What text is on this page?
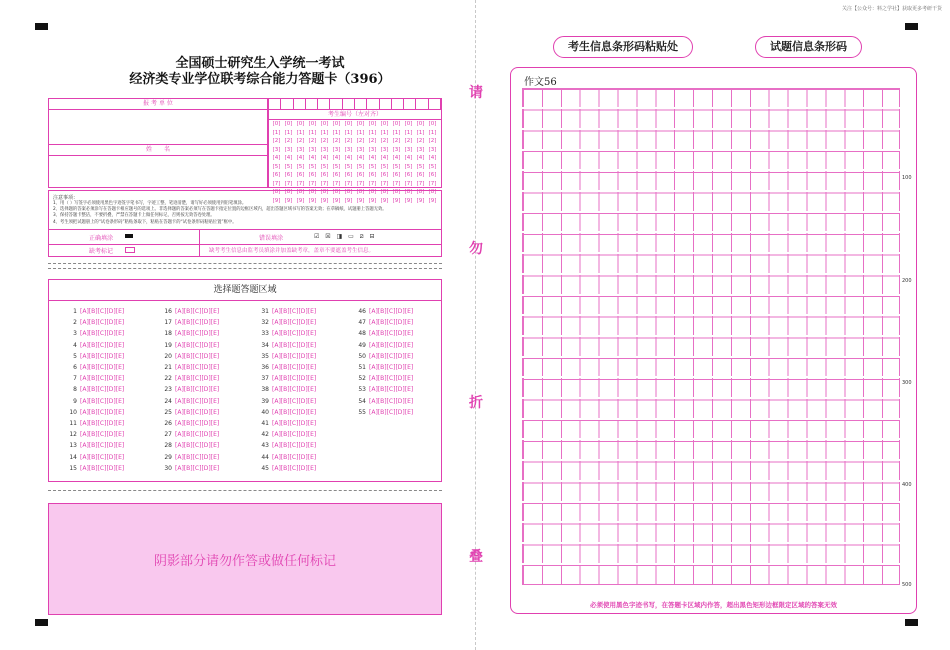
关注【公众号：料之学社】获取更多考研干货
请
勿
折
叠
全国硕士研究生入学统一考试
经济类专业学位联考综合能力答题卡（396）
报 考 单 位
姓　　名
考生编号（左对齐）
[0] [0] [0] [0] [0] [0] [0] [0] [0] [0] [0] [0] [0] [0]
[1] [1] [1] [1] [1] [1] [1] [1] [1] [1] [1] [1] [1] [1]
[2] [2] [2] [2] [2] [2] [2] [2] [2] [2] [2] [2] [2] [2]
[3] [3] [3] [3] [3] [3] [3] [3] [3] [3] [3] [3] [3] [3]
[4] [4] [4] [4] [4] [4] [4] [4] [4] [4] [4] [4] [4] [4]
[5] [5] [5] [5] [5] [5] [5] [5] [5] [5] [5] [5] [5] [5]
[6] [6] [6] [6] [6] [6] [6] [6] [6] [6] [6] [6] [6] [6]
[7] [7] [7] [7] [7] [7] [7] [7] [7] [7] [7] [7] [7] [7]
[8] [8] [8] [8] [8] [8] [8] [8] [8] [8] [8] [8] [8] [8]
[9] [9] [9] [9] [9] [9] [9] [9] [9] [9] [9] [9] [9] [9]
注意事项：
1、用（ ）写签字必须使用黑色字迹签字笔书写，字迹工整，笔迹清楚，请写好必须使用到铅笔填涂。
2、选择题的答案必须涂写在答题卡相应题号的选项上。非选择题的答案必须写在答题卡指定位置的边框区域内，超出答题区域书写的答案无效；在草稿纸、试题册上答题无效。
3、保持答题卡整洁，不要折叠，严禁在答题卡上做任何标记，否则按无效答卷处理。
4、考生须把试题册上的“试卷条形码”粘贴条取下，粘贴在答题卡的“试卷条形码粘贴位置”框中。
正确填涂	错误填涂	☑ ☒ ◨ ▭ ⧄ ⊟
缺考标记	缺考考生信息由监考员填涂并加盖缺考章，盖章不要遮盖考生信息。
选择题答题区域
1 [A][B][C][D][E]
2 [A][B][C][D][E]
3 [A][B][C][D][E]
4 [A][B][C][D][E]
5 [A][B][C][D][E]
6 [A][B][C][D][E]
7 [A][B][C][D][E]
8 [A][B][C][D][E]
9 [A][B][C][D][E]
10 [A][B][C][D][E]
11 [A][B][C][D][E]
12 [A][B][C][D][E]
13 [A][B][C][D][E]
14 [A][B][C][D][E]
15 [A][B][C][D][E]
16 [A][B][C][D][E]
17 [A][B][C][D][E]
18 [A][B][C][D][E]
19 [A][B][C][D][E]
20 [A][B][C][D][E]
21 [A][B][C][D][E]
22 [A][B][C][D][E]
23 [A][B][C][D][E]
24 [A][B][C][D][E]
25 [A][B][C][D][E]
26 [A][B][C][D][E]
27 [A][B][C][D][E]
28 [A][B][C][D][E]
29 [A][B][C][D][E]
30 [A][B][C][D][E]
31 [A][B][C][D][E]
32 [A][B][C][D][E]
33 [A][B][C][D][E]
34 [A][B][C][D][E]
35 [A][B][C][D][E]
36 [A][B][C][D][E]
37 [A][B][C][D][E]
38 [A][B][C][D][E]
39 [A][B][C][D][E]
40 [A][B][C][D][E]
41 [A][B][C][D][E]
42 [A][B][C][D][E]
43 [A][B][C][D][E]
44 [A][B][C][D][E]
45 [A][B][C][D][E]
46 [A][B][C][D][E]
47 [A][B][C][D][E]
48 [A][B][C][D][E]
49 [A][B][C][D][E]
50 [A][B][C][D][E]
51 [A][B][C][D][E]
52 [A][B][C][D][E]
53 [A][B][C][D][E]
54 [A][B][C][D][E]
55 [A][B][C][D][E]
阴影部分请勿作答或做任何标记
考生信息条形码粘贴处	试题信息条形码
作文56
100
200
300
400
500
必须使用黑色字迹书写，在答题卡区域内作答，超出黑色矩形边框限定区域的答案无效
